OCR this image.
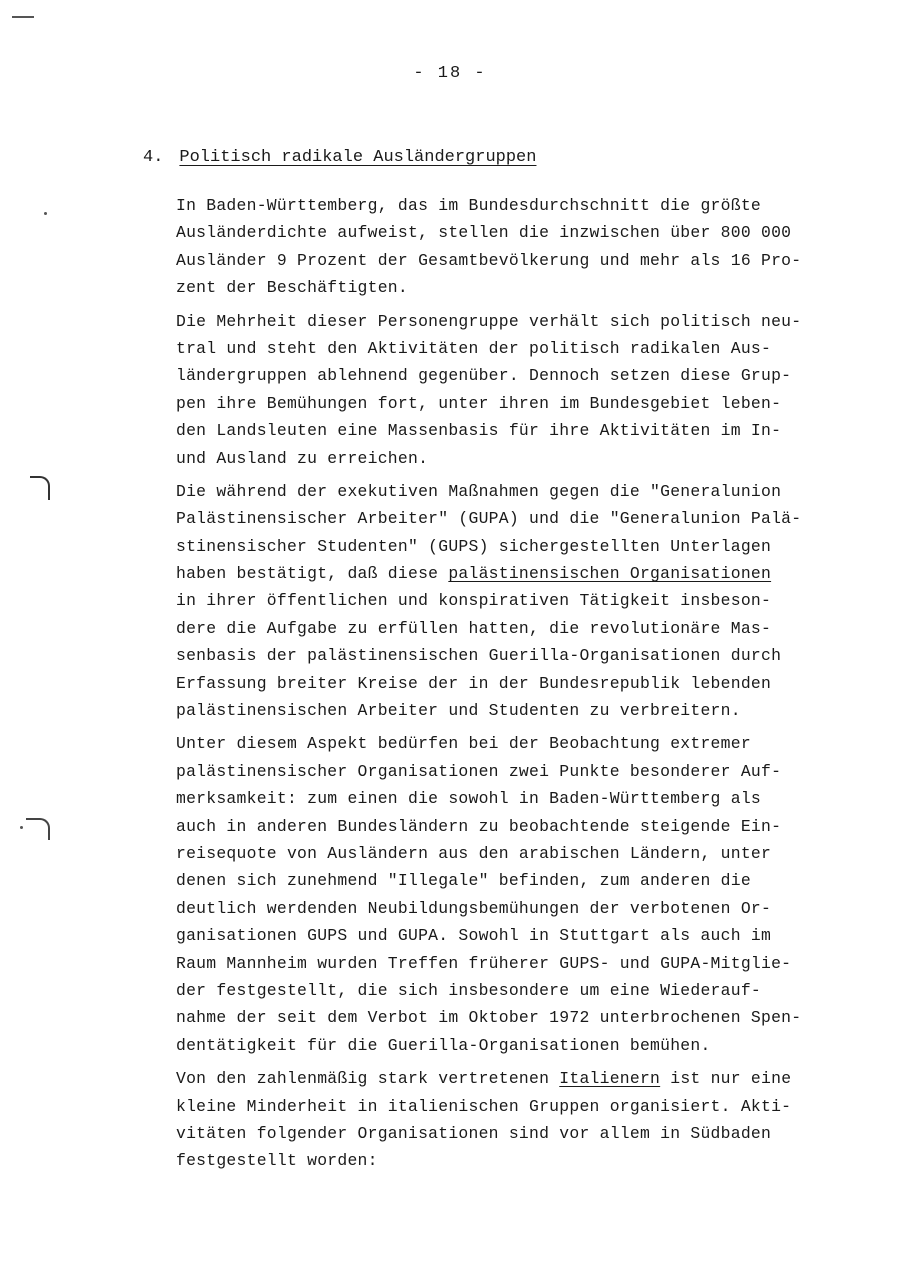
- 18 -
4. Politisch radikale Ausländergruppen
In Baden-Württemberg, das im Bundesdurchschnitt die größte
Ausländerdichte aufweist, stellen die inzwischen über 800 000
Ausländer 9 Prozent der Gesamtbevölkerung und mehr als 16 Pro-
zent der Beschäftigten.
Die Mehrheit dieser Personengruppe verhält sich politisch neu-
tral und steht den Aktivitäten der politisch radikalen Aus-
ländergruppen ablehnend gegenüber. Dennoch setzen diese Grup-
pen ihre Bemühungen fort, unter ihren im Bundesgebiet leben-
den Landsleuten eine Massenbasis für ihre Aktivitäten im In-
und Ausland zu erreichen.
Die während der exekutiven Maßnahmen gegen die "Generalunion
Palästinensischer Arbeiter" (GUPA) und die "Generalunion Palä-
stinensischer Studenten" (GUPS) sichergestellten Unterlagen
haben bestätigt, daß diese palästinensischen Organisationen
in ihrer öffentlichen und konspirativen Tätigkeit insbeson-
dere die Aufgabe zu erfüllen hatten, die revolutionäre Mas-
senbasis der palästinensischen Guerilla-Organisationen durch
Erfassung breiter Kreise der in der Bundesrepublik lebenden
palästinensischen Arbeiter und Studenten zu verbreitern.
Unter diesem Aspekt bedürfen bei der Beobachtung extremer
palästinensischer Organisationen zwei Punkte besonderer Auf-
merksamkeit: zum einen die sowohl in Baden-Württemberg als
auch in anderen Bundesländern zu beobachtende steigende Ein-
reisequote von Ausländern aus den arabischen Ländern, unter
denen sich zunehmend "Illegale" befinden, zum anderen die
deutlich werdenden Neubildungsbemühungen der verbotenen Or-
ganisationen GUPS und GUPA. Sowohl in Stuttgart als auch im
Raum Mannheim wurden Treffen früherer GUPS- und GUPA-Mitglie-
der festgestellt, die sich insbesondere um eine Wiederauf-
nahme der seit dem Verbot im Oktober 1972 unterbrochenen Spen-
dentätigkeit für die Guerilla-Organisationen bemühen.
Von den zahlenmäßig stark vertretenen Italienern ist nur eine
kleine Minderheit in italienischen Gruppen organisiert. Akti-
vitäten folgender Organisationen sind vor allem in Südbaden
festgestellt worden:
